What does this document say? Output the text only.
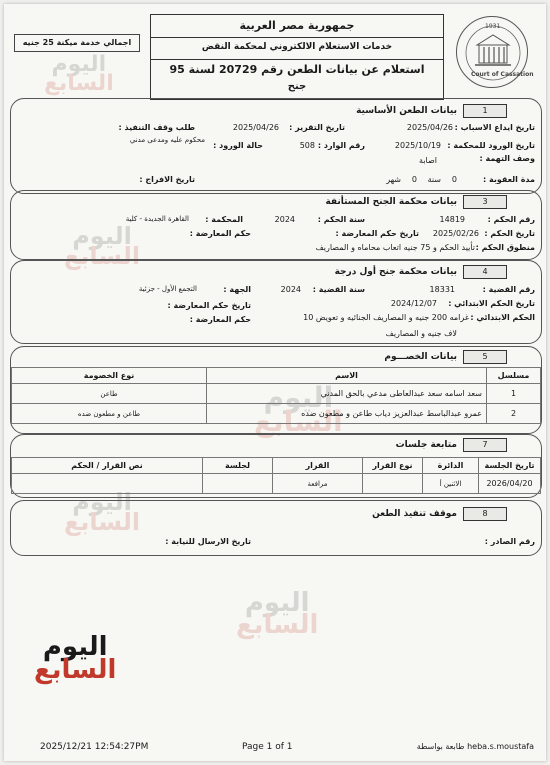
اليوم
السابع
اليوم
السابع
اليوم
السابع
اليوم
السابع
اليوم
السابع
اليوم
السابع
Court of Cassation
1931
جمهورية مصر العربية
خدمات الاستعلام الالكتروني لمحكمة النقض
استعلام عن بيانات الطعن رقم 20729 لسنة 95
جنح
اجمالي خدمة ميكنة 25 جنيه
1
بيانات الطعن الأساسية
تاريخ ايداع الاسباب :
2025/04/26
تاريخ التقرير :
2025/04/26
طلب وقف التنفيذ :
تاريخ الورود للمحكمة :
2025/10/19
رقم الوارد :
508
حالة الورود :
محكوم عليه ومدعى مدني
وصف التهمة :
اصابة
مدة العقوبة :
0
سنة
0
شهر
تاريخ الافراج :
3
بيانات محكمة الجنح المستأنفة
رقم الحكم :
14819
سنة الحكم :
2024
المحكمة :
القاهرة الجديدة - كلية
تاريخ الحكم :
2025/02/26
تاريخ حكم المعارضة :
حكم المعارضة :
منطوق الحكم :
تأييد الحكم و 75 جنيه اتعاب محاماه و المصاريف
4
بيانات محكمة جنح أول درجة
رقم القضية :
18331
سنة القضية :
2024
الجهة :
التجمع الأول - جزئية
تاريخ الحكم الابتدائي :
2024/12/07
تاريخ حكم المعارضة :
الحكم الابتدائي :
غرامه 200 جنيه و المصاريف الجنائيه و تعويض 10
حكم المعارضة :
لاف جنيه و المصاريف
5
بيانات الخصـــوم
مسلسل	الاسم	نوع الخصومة
1	سعد اسامه سعد عبدالعاطى مدعي بالحق المدني	طاعن
2	عمرو عبدالباسط عبدالعزيز دياب طاعن و مطعون ضده	طاعن و مطعون ضده
7
متابعة جلسات
تاريخ الجلسة	الدائرة	نوع القرار	القرار	لجلسة	نص القرار / الحكم
2026/04/20	الاثنين أ		مرافعة		
8
موقف تنفيذ الطعن
رقم الصادر :
تاريخ الارسال للنيابة :
2025/12/21 12:54:27PM	Page 1 of 1	طابعة بواسطة heba.s.moustafa
